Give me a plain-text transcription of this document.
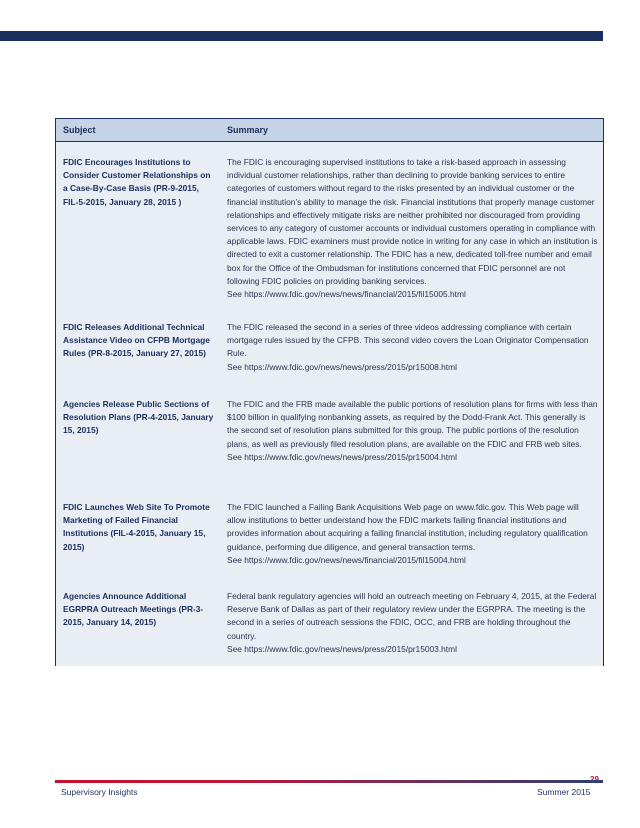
Subject	Summary
FDIC Encourages Institutions to Consider Customer Relationships on a Case-By-Case Basis (PR-9-2015, FIL-5-2015, January 28, 2015 )

The FDIC is encouraging supervised institutions to take a risk-based approach in assessing individual customer relationships, rather than declining to provide banking services to entire categories of customers without regard to the risks presented by an individual customer or the financial institution’s ability to manage the risk. Financial institutions that properly manage customer relationships and effectively mitigate risks are neither prohibited nor discouraged from providing services to any category of customer accounts or individual customers operating in compliance with applicable laws. FDIC examiners must provide notice in writing for any case in which an institution is directed to exit a customer relationship. The FDIC has a new, dedicated toll-free number and email box for the Office of the Ombudsman for institutions concerned that FDIC personnel are not following FDIC policies on providing banking services.

See https://www.fdic.gov/news/news/financial/2015/fil15005.html

FDIC Releases Additional Technical Assistance Video on CFPB Mortgage Rules (PR-8-2015, January 27, 2015)

The FDIC released the second in a series of three videos addressing compliance with certain mortgage rules issued by the CFPB. This second video covers the Loan Originator Compensation Rule.

See https://www.fdic.gov/news/news/press/2015/pr15008.html

Agencies Release Public Sections of Resolution Plans (PR-4-2015, January 15, 2015)

The FDIC and the FRB made available the public portions of resolution plans for firms with less than $100 billion in qualifying nonbanking assets, as required by the Dodd-Frank Act. This generally is the second set of resolution plans submitted for this group. The public portions of the resolution plans, as well as previously filed resolution plans, are available on the FDIC and FRB web sites.

See https://www.fdic.gov/news/news/press/2015/pr15004.html

FDIC Launches Web Site To Promote Marketing of Failed Financial Institutions (FIL-4-2015, January 15, 2015)

The FDIC launched a Failing Bank Acquisitions Web page on www.fdic.gov. This Web page will allow institutions to better understand how the FDIC markets failing financial institutions and provides information about acquiring a failing financial institution, including regulatory qualification guidance, performing due diligence, and general transaction terms.

See https://www.fdic.gov/news/news/financial/2015/fil15004.html

Agencies Announce Additional EGRPRA Outreach Meetings (PR-3-2015, January 14, 2015)

Federal bank regulatory agencies will hold an outreach meeting on February 4, 2015, at the Federal Reserve Bank of Dallas as part of their regulatory review under the EGRPRA. The meeting is the second in a series of outreach sessions the FDIC, OCC, and FRB are holding throughout the country.

See https://www.fdic.gov/news/news/press/2015/pr15003.html

29
Supervisory Insights	Summer 2015
